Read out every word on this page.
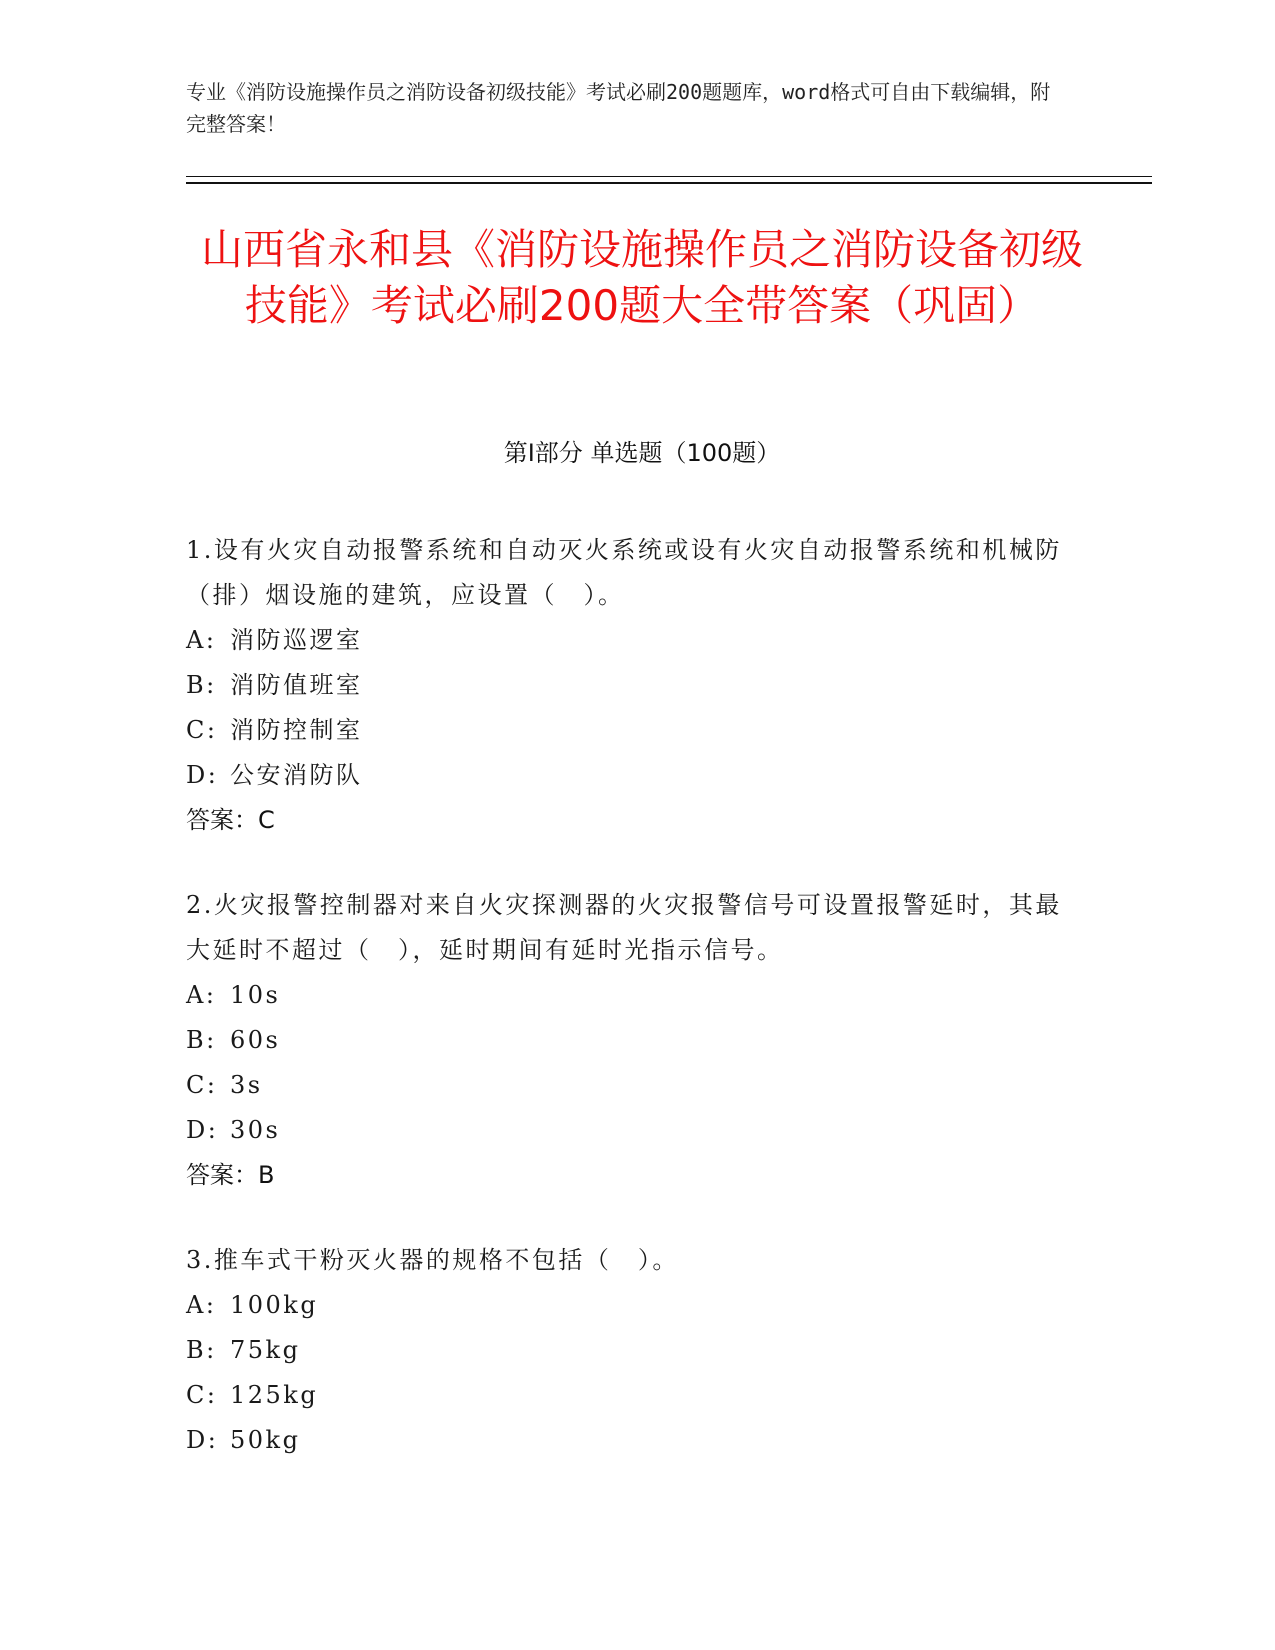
专业《消防设施操作员之消防设备初级技能》考试必刷200题题库，word格式可自由下载编辑，附完整答案！
山西省永和县《消防设施操作员之消防设备初级技能》考试必刷200题大全带答案（巩固）
第I部分 单选题（100题）
1.设有火灾自动报警系统和自动灭火系统或设有火灾自动报警系统和机械防（排）烟设施的建筑，应设置（　）。
A: 消防巡逻室
B: 消防值班室
C: 消防控制室
D: 公安消防队
答案：C
2.火灾报警控制器对来自火灾探测器的火灾报警信号可设置报警延时，其最大延时不超过（　），延时期间有延时光指示信号。
A: 10s
B: 60s
C: 3s
D: 30s
答案：B
3.推车式干粉灭火器的规格不包括（　）。
A: 100kg
B: 75kg
C: 125kg
D: 50kg
